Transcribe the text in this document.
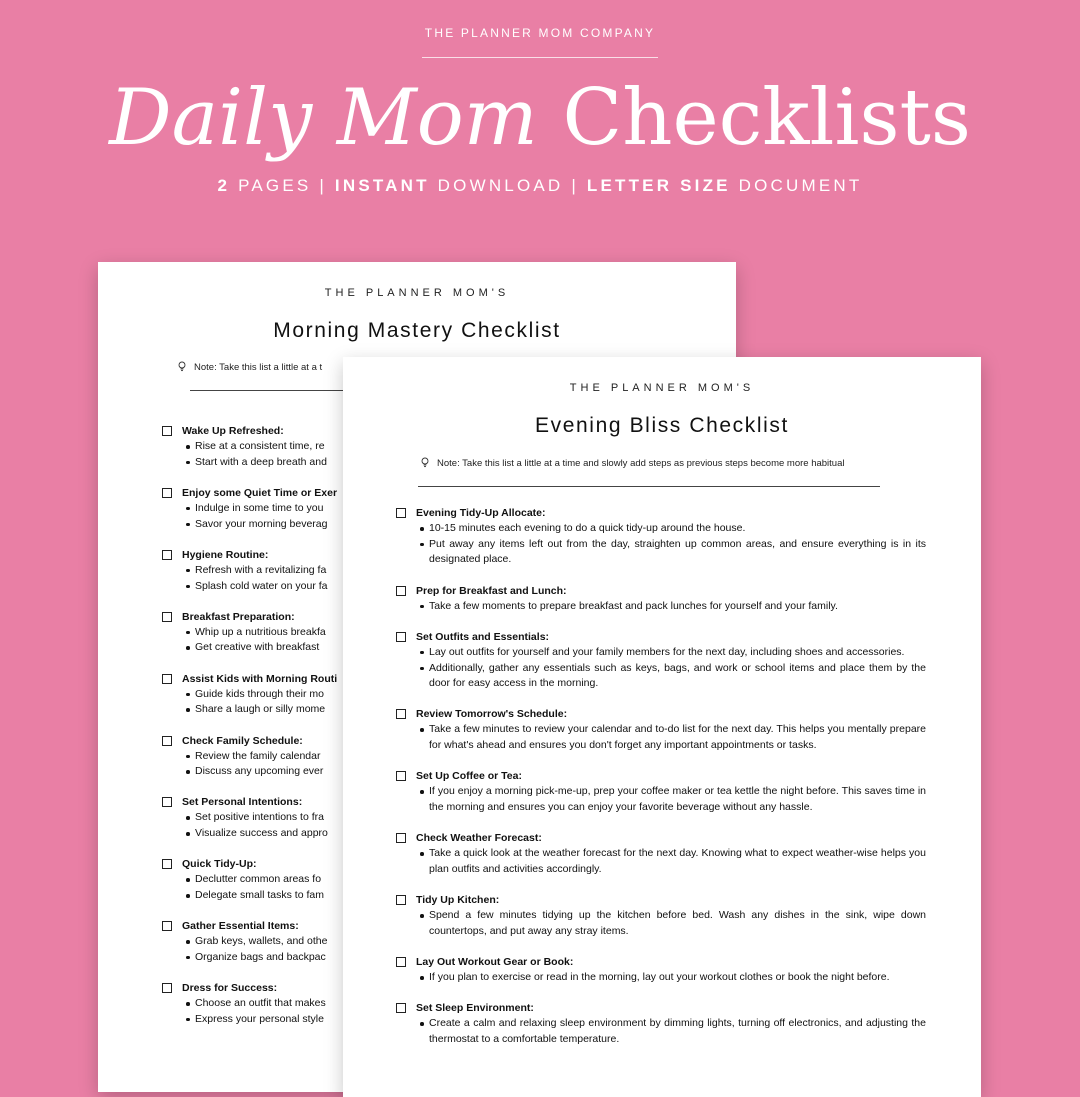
THE PLANNER MOM COMPANY
Daily Mom Checklists
2 PAGES | INSTANT DOWNLOAD | LETTER SIZE DOCUMENT
THE PLANNER MOM'S
Morning Mastery Checklist
Note: Take this list a little at a t
Wake Up Refreshed:
Rise at a consistent time, re
Start with a deep breath and
Enjoy some Quiet Time or Exer
Indulge in some time to you
Savor your morning beverag
Hygiene Routine:
Refresh with a revitalizing fa
Splash cold water on your fa
Breakfast Preparation:
Whip up a nutritious breakfa
Get creative with breakfast
Assist Kids with Morning Routi
Guide kids through their mo
Share a laugh or silly mome
Check Family Schedule:
Review the family calendar
Discuss any upcoming ever
Set Personal Intentions:
Set positive intentions to fra
Visualize success and appro
Quick Tidy-Up:
Declutter common areas fo
Delegate small tasks to fam
Gather Essential Items:
Grab keys, wallets, and othe
Organize bags and backpac
Dress for Success:
Choose an outfit that makes
Express your personal style
THE PLANNER MOM'S
Evening Bliss Checklist
Note: Take this list a little at a time and slowly add steps as previous steps become more habitual
Evening Tidy-Up Allocate:
10-15 minutes each evening to do a quick tidy-up around the house.
Put away any items left out from the day, straighten up common areas, and ensure everything is in its designated place.
Prep for Breakfast and Lunch:
Take a few moments to prepare breakfast and pack lunches for yourself and your family.
Set Outfits and Essentials:
Lay out outfits for yourself and your family members for the next day, including shoes and accessories.
Additionally, gather any essentials such as keys, bags, and work or school items and place them by the door for easy access in the morning.
Review Tomorrow's Schedule:
Take a few minutes to review your calendar and to-do list for the next day. This helps you mentally prepare for what's ahead and ensures you don't forget any important appointments or tasks.
Set Up Coffee or Tea:
If you enjoy a morning pick-me-up, prep your coffee maker or tea kettle the night before. This saves time in the morning and ensures you can enjoy your favorite beverage without any hassle.
Check Weather Forecast:
Take a quick look at the weather forecast for the next day. Knowing what to expect weather-wise helps you plan outfits and activities accordingly.
Tidy Up Kitchen:
Spend a few minutes tidying up the kitchen before bed. Wash any dishes in the sink, wipe down countertops, and put away any stray items.
Lay Out Workout Gear or Book:
If you plan to exercise or read in the morning, lay out your workout clothes or book the night before.
Set Sleep Environment:
Create a calm and relaxing sleep environment by dimming lights, turning off electronics, and adjusting the thermostat to a comfortable temperature.
